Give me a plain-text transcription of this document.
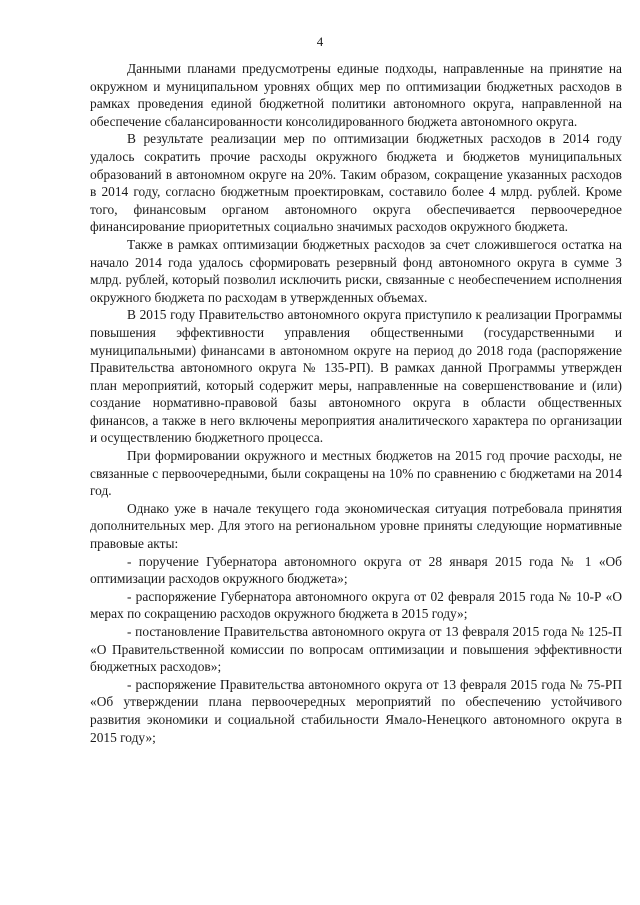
4

Данными планами предусмотрены единые подходы, направленные на принятие на окружном и муниципальном уровнях общих мер по оптимизации бюджетных расходов в рамках проведения единой бюджетной политики автономного округа, направленной на обеспечение сбалансированности консолидированного бюджета автономного округа.

В результате реализации мер по оптимизации бюджетных расходов в 2014 году удалось сократить прочие расходы окружного бюджета и бюджетов муниципальных образований в автономном округе на 20%. Таким образом, сокращение указанных расходов в 2014 году, согласно бюджетным проектировкам, составило более 4 млрд. рублей. Кроме того, финансовым органом автономного округа обеспечивается первоочередное финансирование приоритетных социально значимых расходов окружного бюджета.

Также в рамках оптимизации бюджетных расходов за счет сложившегося остатка на начало 2014 года удалось сформировать резервный фонд автономного округа в сумме 3 млрд. рублей, который позволил исключить риски, связанные с необеспечением исполнения окружного бюджета по расходам в утвержденных объемах.

В 2015 году Правительство автономного округа приступило к реализации Программы повышения эффективности управления общественными (государственными и муниципальными) финансами в автономном округе на период до 2018 года (распоряжение Правительства автономного округа № 135-РП). В рамках данной Программы утвержден план мероприятий, который содержит меры, направленные на совершенствование и (или) создание нормативно-правовой базы автономного округа в области общественных финансов, а также в него включены мероприятия аналитического характера по организации и осуществлению бюджетного процесса.

При формировании окружного и местных бюджетов на 2015 год прочие расходы, не связанные с первоочередными, были сокращены на 10% по сравнению с бюджетами на 2014 год.

Однако уже в начале текущего года экономическая ситуация потребовала принятия дополнительных мер. Для этого на региональном уровне приняты следующие нормативные правовые акты:

- поручение Губернатора автономного округа от 28 января 2015 года № 1 «Об оптимизации расходов окружного бюджета»;

- распоряжение Губернатора автономного округа от 02 февраля 2015 года № 10-Р «О мерах по сокращению расходов окружного бюджета в 2015 году»;

- постановление Правительства автономного округа от 13 февраля 2015 года № 125-П «О Правительственной комиссии по вопросам оптимизации и повышения эффективности бюджетных расходов»;

- распоряжение Правительства автономного округа от 13 февраля 2015 года № 75-РП «Об утверждении плана первоочередных мероприятий по обеспечению устойчивого развития экономики и социальной стабильности Ямало-Ненецкого автономного округа в 2015 году»;
